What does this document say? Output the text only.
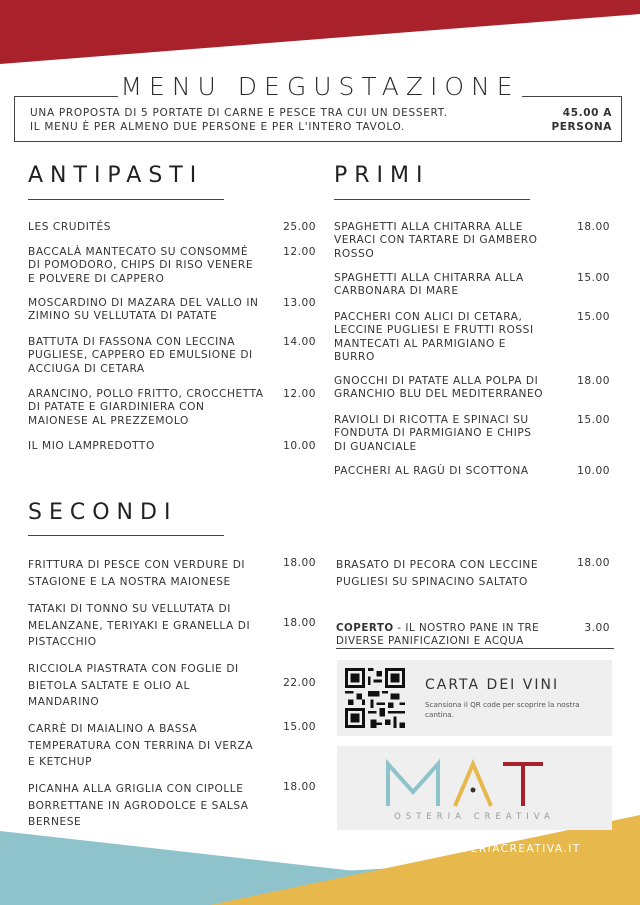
MENU DEGUSTAZIONE
UNA PROPOSTA DI 5 PORTATE DI CARNE E PESCE TRA CUI UN DESSERT.
IL MENU È PER ALMENO DUE PERSONE E PER L'INTERO TAVOLO.
45.00 A
PERSONA
ANTIPASTI	PRIMI
SECONDI
LES CRUDITÉS	25.00
BACCALÀ MANTECATO SU CONSOMMÉ
DI POMODORO, CHIPS DI RISO VENERE
E POLVERE DI CAPPERO
12.00
MOSCARDINO DI MAZARA DEL VALLO IN
ZIMINO SU VELLUTATA DI PATATE
13.00
BATTUTA DI FASSONA CON LECCINA
PUGLIESE, CAPPERO ED EMULSIONE DI
ACCIUGA DI CETARA
14.00
ARANCINO, POLLO FRITTO, CROCCHETTA
DI PATATE E GIARDINIERA CON
MAIONESE AL PREZZEMOLO
12.00
IL MIO LAMPREDOTTO	10.00
SPAGHETTI ALLA CHITARRA ALLE
VERACI CON TARTARE DI GAMBERO
ROSSO
18.00
SPAGHETTI ALLA CHITARRA ALLA
CARBONARA DI MARE
15.00
PACCHERI CON ALICI DI CETARA,
LECCINE PUGLIESI E FRUTTI ROSSI
MANTECATI AL PARMIGIANO E
BURRO
15.00
GNOCCHI DI PATATE ALLA POLPA DI
GRANCHIO BLU DEL MEDITERRANEO
18.00
RAVIOLI DI RICOTTA E SPINACI SU
FONDUTA DI PARMIGIANO E CHIPS
DI GUANCIALE
15.00
PACCHERI AL RAGÙ DI SCOTTONA	10.00
FRITTURA DI PESCE CON VERDURE DI
STAGIONE E LA NOSTRA MAIONESE
18.00
TATAKI DI TONNO SU VELLUTATA DI
MELANZANE, TERIYAKI E GRANELLA DI
PISTACCHIO
18.00
RICCIOLA PIASTRATA CON FOGLIE DI
BIETOLA SALTATE E OLIO AL
MANDARINO
22.00
CARRÈ DI MAIALINO A BASSA
TEMPERATURA CON TERRINA DI VERZA
E KETCHUP
15.00
PICANHA ALLA GRIGLIA CON CIPOLLE
BORRETTANE IN AGRODOLCE E SALSA
BERNESE
18.00
BRASATO DI PECORA CON LECCINE
PUGLIESI SU SPINACINO SALTATO
18.00
COPERTO - IL NOSTRO PANE IN TRE
DIVERSE PANIFICAZIONI E ACQUA
3.00
CARTA DEI VINI
Scansiona il QR code per scoprire la nostra cantina.
OSTERIA CREATIVA
WWW.MATOSTERIACREATIVA.IT
